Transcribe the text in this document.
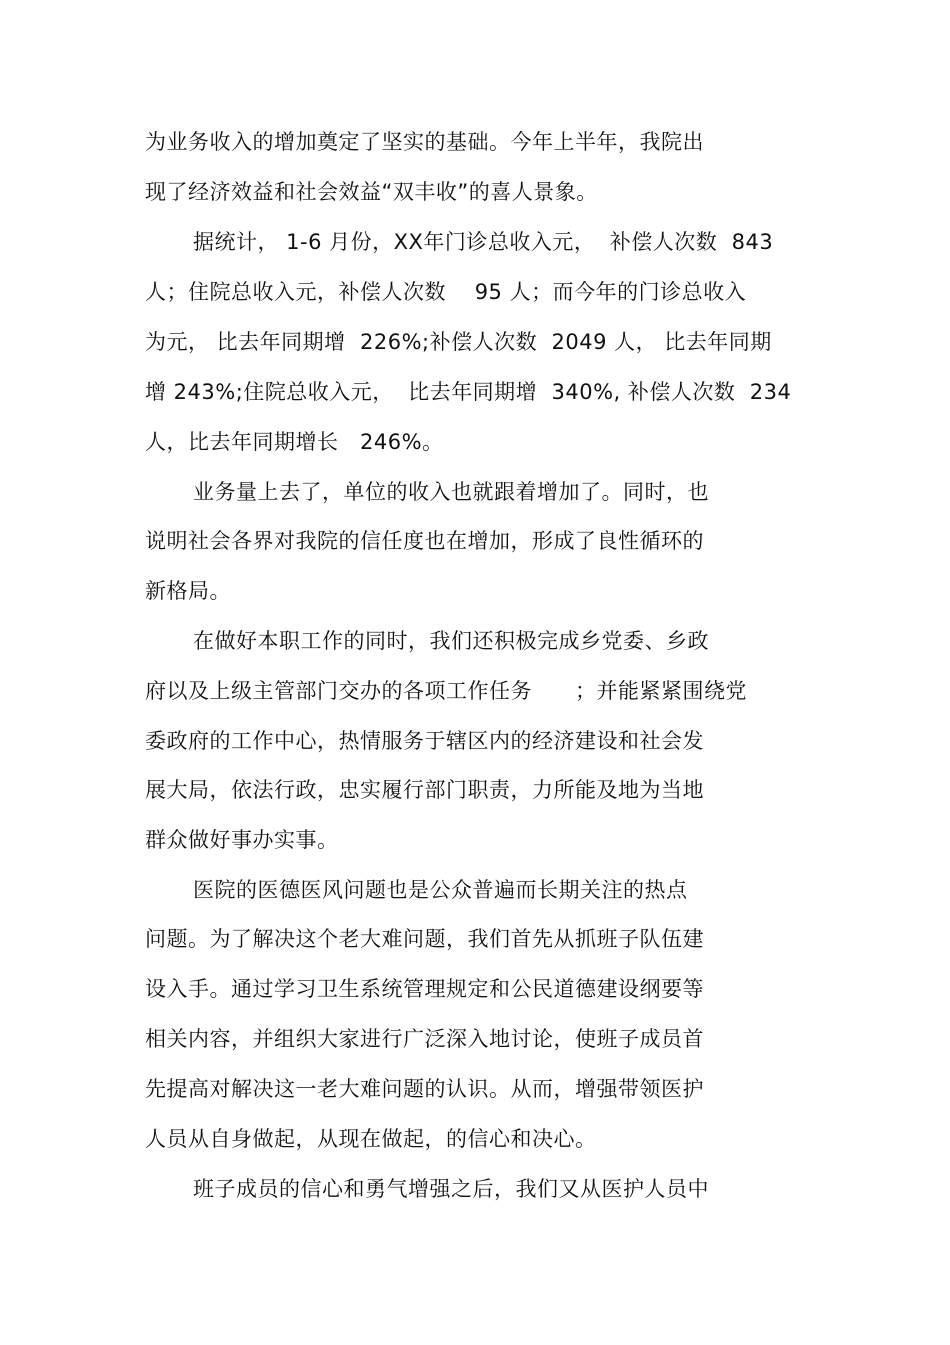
为业务收入的增加奠定了坚实的基础。今年上半年，我院出
现了经济效益和社会效益“双丰收”的喜人景象。
据统计， 1-6 月份，XX年门诊总收入元，  补偿人次数  843
人；住院总收入元，补偿人次数    95 人；而今年的门诊总收入
为元， 比去年同期增  226%;补偿人次数  2049 人， 比去年同期
增 243%;住院总收入元，  比去年同期增  340%, 补偿人次数  234
人，比去年同期增长   246%。
业务量上去了，单位的收入也就跟着增加了。同时，也
说明社会各界对我院的信任度也在增加，形成了良性循环的
新格局。
在做好本职工作的同时，我们还积极完成乡党委、乡政
府以及上级主管部门交办的各项工作任务      ；并能紧紧围绕党
委政府的工作中心，热情服务于辖区内的经济建设和社会发
展大局，依法行政，忠实履行部门职责，力所能及地为当地
群众做好事办实事。
医院的医德医风问题也是公众普遍而长期关注的热点
问题。为了解决这个老大难问题，我们首先从抓班子队伍建
设入手。通过学习卫生系统管理规定和公民道德建设纲要等
相关内容，并组织大家进行广泛深入地讨论，使班子成员首
先提高对解决这一老大难问题的认识。从而，增强带领医护
人员从自身做起，从现在做起，的信心和决心。
班子成员的信心和勇气增强之后，我们又从医护人员中
